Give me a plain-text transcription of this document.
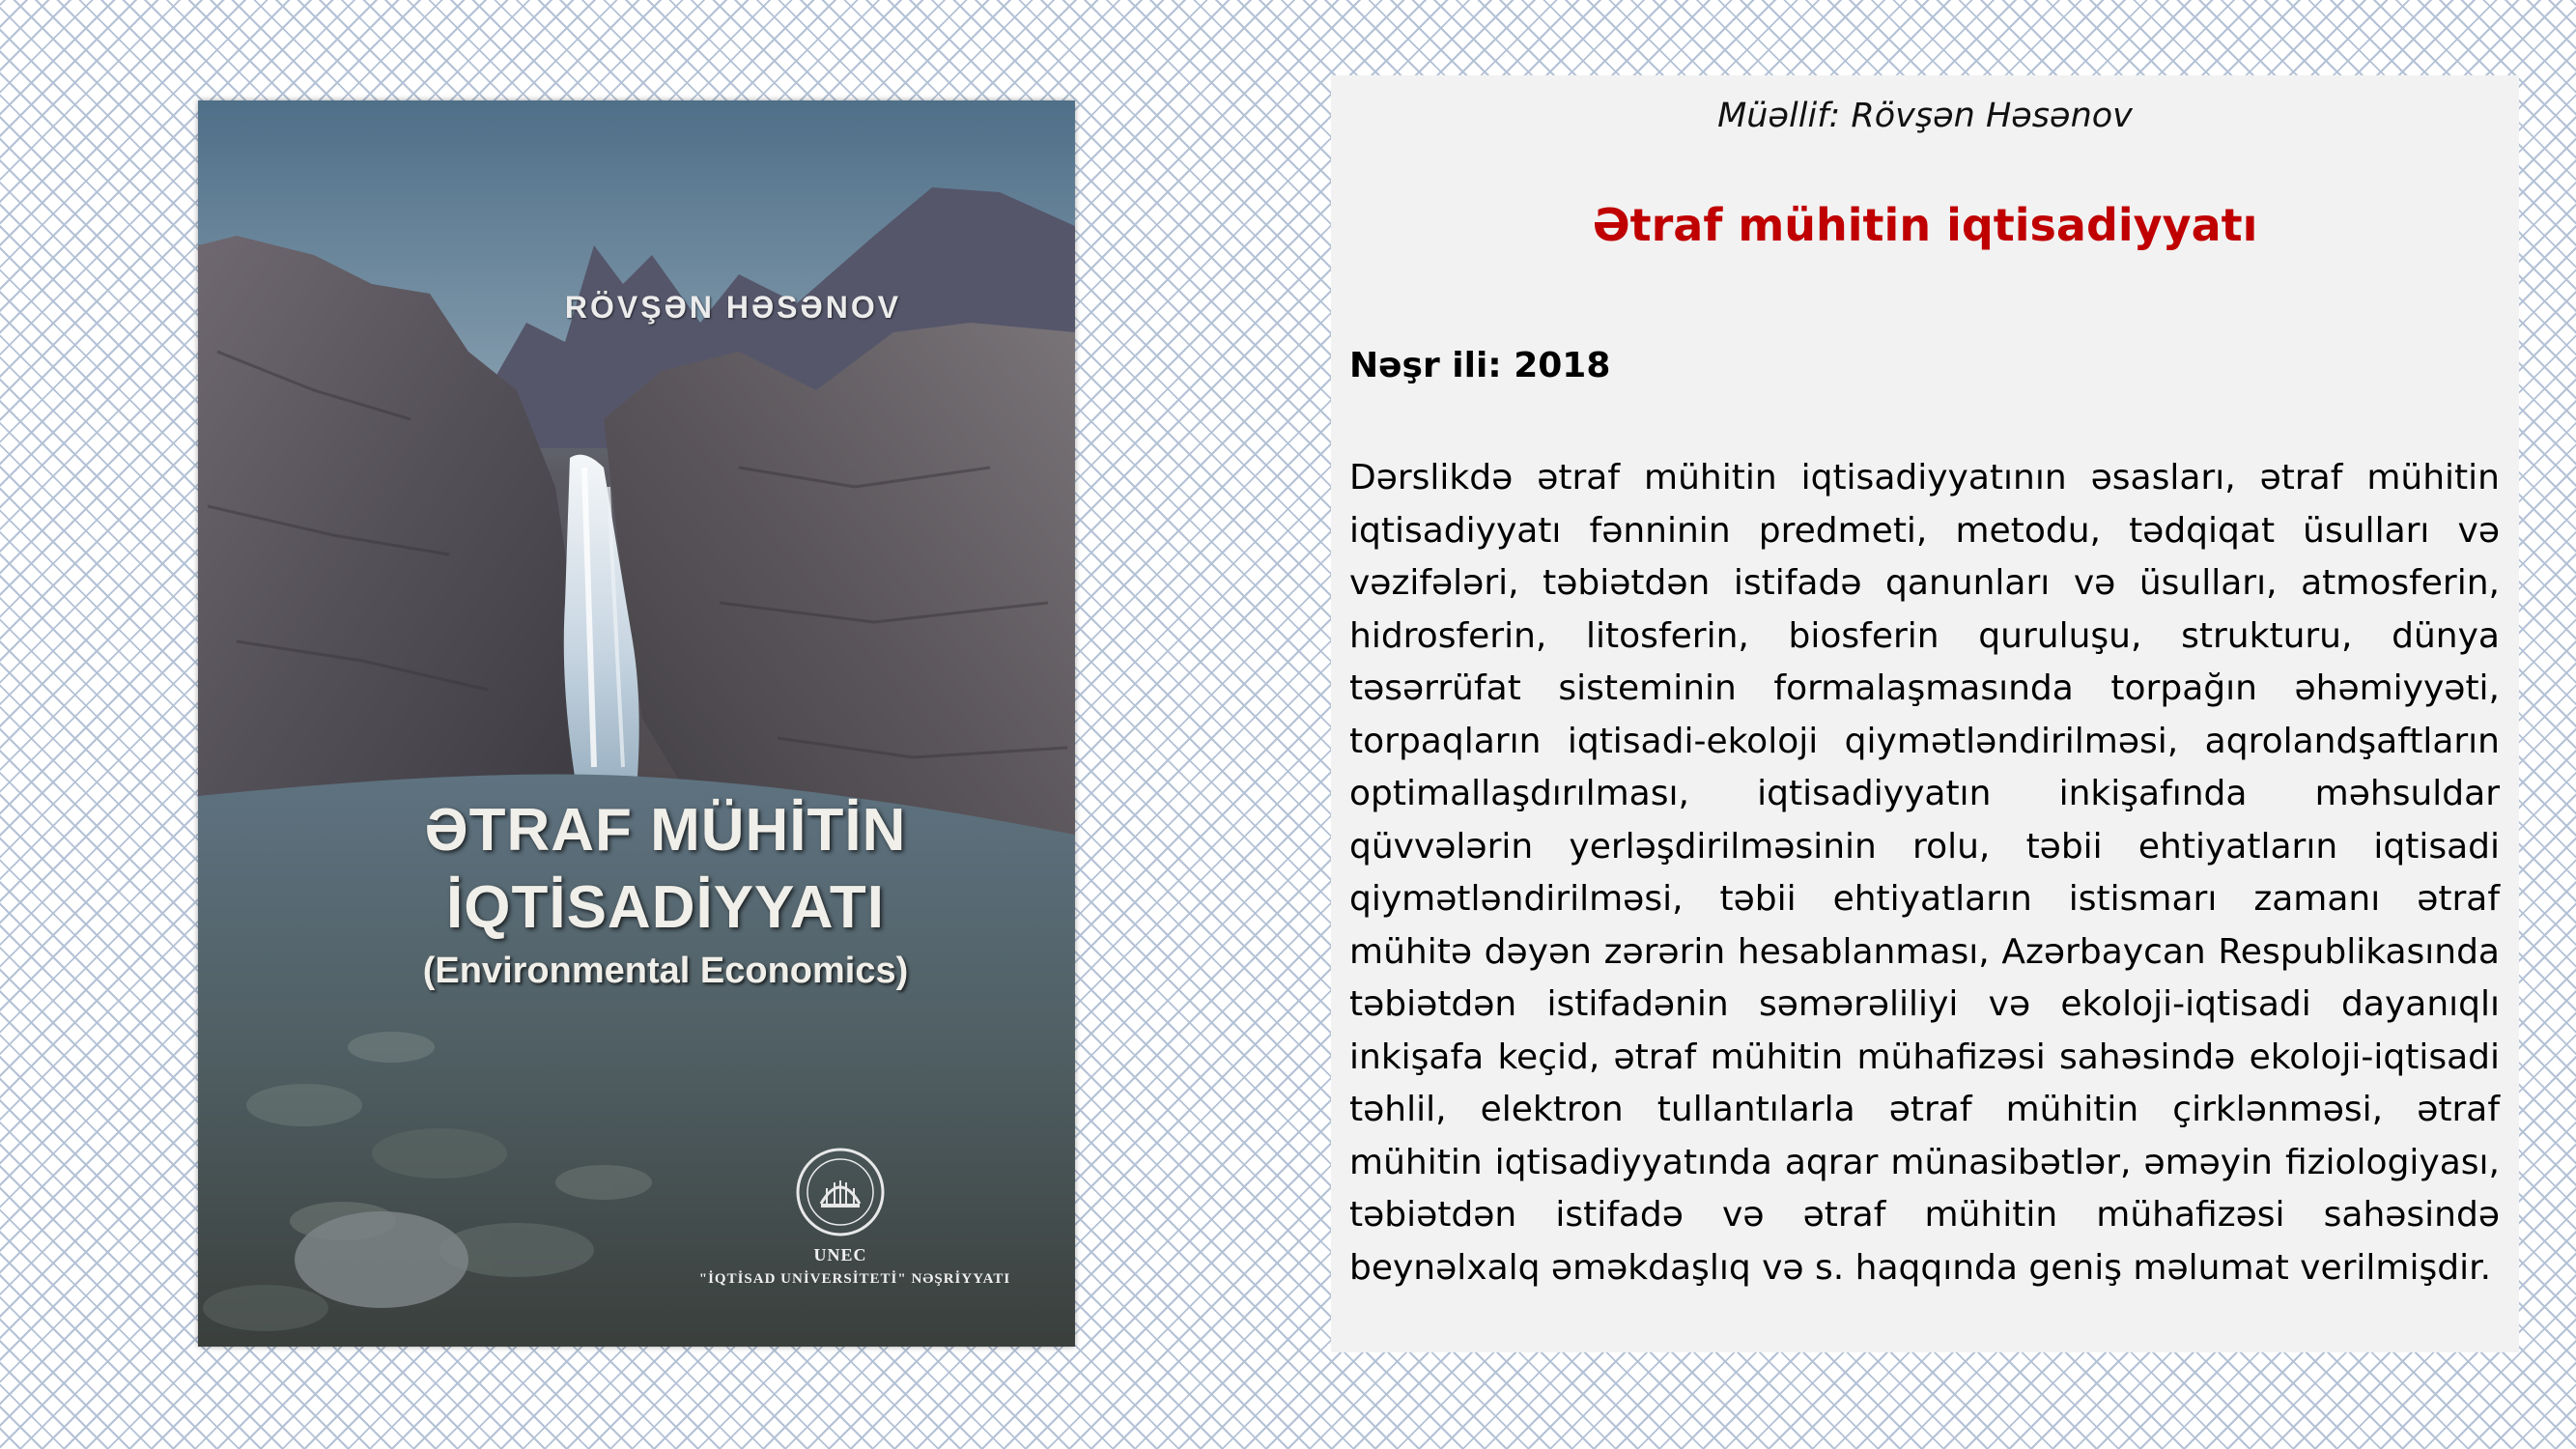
RÖVŞƏN HƏSƏNOV
ƏTRAF MÜHİTİN
İQTİSADİYYATI
(Environmental Economics)
UNEC
"İQTİSAD UNİVERSİTETİ" NƏŞRİYYATI
Müəllif: Rövşən Həsənov
Ətraf mühitin iqtisadiyyatı
Nəşr ili: 2018

Dərslikdə ətraf mühitin iqtisadiyyatının əsasları, ətraf mühitin iqtisadiyyatı fənninin predmeti, metodu, tədqiqat üsulları və vəzifələri, təbiətdən istifadə qanunları və üsulları, atmosferin, hidrosferin, litosferin, biosferin quruluşu, strukturu, dünya təsərrüfat sisteminin formalaşmasında torpağın əhəmiyyəti, torpaqların iqtisadi-ekoloji qiymətləndirilməsi, aqrolandşaftların optimallaşdırılması, iqtisadiyyatın inkişafında məhsuldar qüvvələrin yerləşdirilməsinin rolu, təbii ehtiyatların iqtisadi qiymətləndirilməsi, təbii ehtiyatların istismarı zamanı ətraf mühitə dəyən zərərin hesablanması, Azərbaycan Respublikasında təbiətdən istifadənin səmərəliliyi və ekoloji-iqtisadi dayanıqlı inkişafa keçid, ətraf mühitin mühafizəsi sahəsində ekoloji-iqtisadi təhlil, elektron tullantılarla ətraf mühitin çirklənməsi, ətraf mühitin iqtisadiyyatında aqrar münasibətlər, əməyin fiziologiyası, təbiətdən istifadə və ətraf mühitin mühafizəsi sahəsində beynəlxalq əməkdaşlıq və s. haqqında geniş məlumat verilmişdir.
